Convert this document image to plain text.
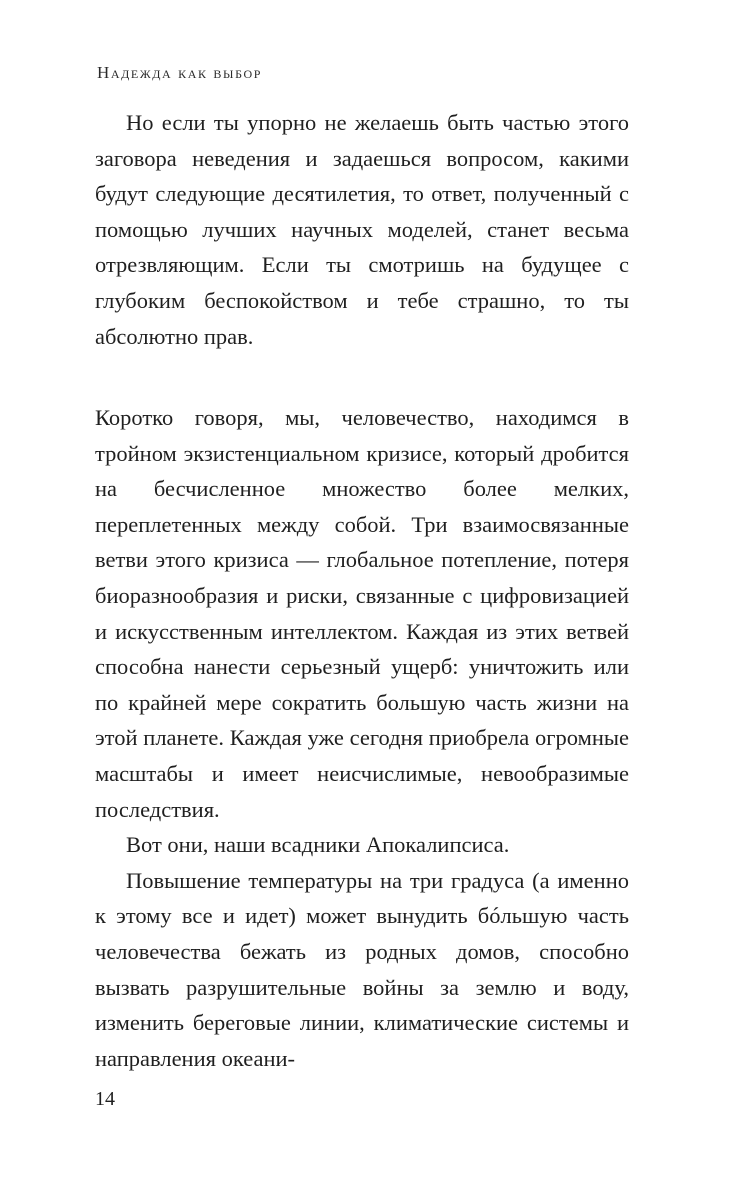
Надежда как выбор

Но если ты упорно не желаешь быть частью этого заговора неведения и задаешься вопросом, какими будут следующие десятилетия, то ответ, полученный с помощью лучших научных моделей, станет весьма отрезвляющим. Если ты смотришь на будущее с глубоким беспокойством и тебе страшно, то ты абсолютно прав.

Коротко говоря, мы, человечество, находимся в тройном экзистенциальном кризисе, который дробится на бесчисленное множество более мелких, переплетенных между собой. Три взаимосвязанные ветви этого кризиса — глобальное потепление, потеря биоразнообразия и риски, связанные с цифровизацией и искусственным интеллектом. Каждая из этих ветвей способна нанести серьезный ущерб: уничтожить или по крайней мере сократить большую часть жизни на этой планете. Каждая уже сегодня приобрела огромные масштабы и имеет неисчислимые, невообразимые последствия.

Вот они, наши всадники Апокалипсиса.

Повышение температуры на три градуса (а именно к этому все и идет) может вынудить бóльшую часть человечества бежать из родных домов, способно вызвать разрушительные войны за землю и воду, изменить береговые линии, климатические системы и направления океани-

14
